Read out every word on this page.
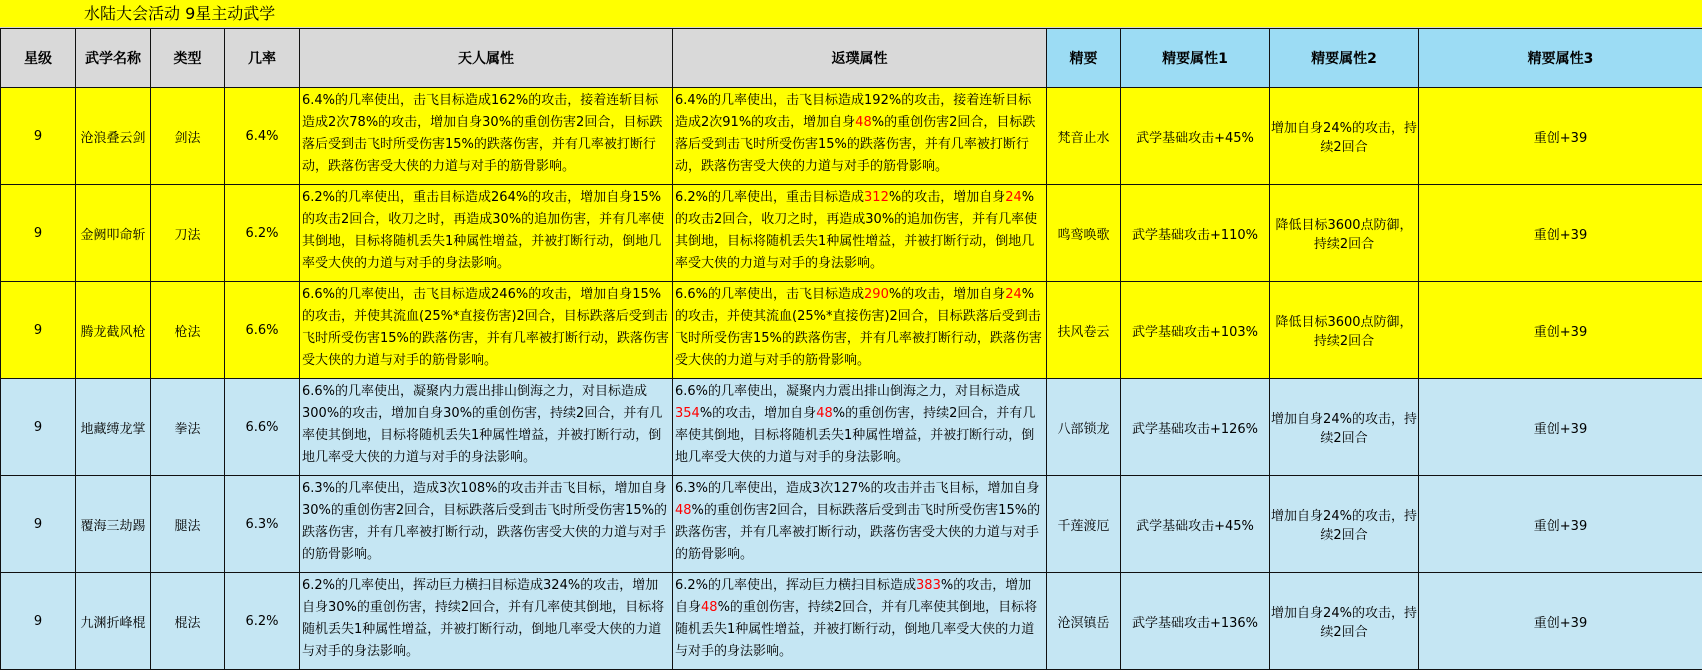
水陆大会活动 9星主动武学
星级	武学名称	类型	几率	天人属性	返璞属性	精要	精要属性1	精要属性2	精要属性3
9	沧浪叠云剑	剑法	6.4%	6.4%的几率使出，击飞目标造成162%的攻击，接着连斩目标造成2次78%的攻击，增加自身30%的重创伤害2回合，目标跌落后受到击飞时所受伤害15%的跌落伤害，并有几率被打断行动，跌落伤害受大侠的力道与对手的筋骨影响。	6.4%的几率使出，击飞目标造成192%的攻击，接着连斩目标造成2次91%的攻击，增加自身48%的重创伤害2回合，目标跌落后受到击飞时所受伤害15%的跌落伤害，并有几率被打断行动，跌落伤害受大侠的力道与对手的筋骨影响。	梵音止水	武学基础攻击+45%	增加自身24%的攻击，持续2回合	重创+39
9	金阙叩命斩	刀法	6.2%	6.2%的几率使出，重击目标造成264%的攻击，增加自身15%的攻击2回合，收刀之时，再造成30%的追加伤害，并有几率使其倒地，目标将随机丢失1种属性增益，并被打断行动，倒地几率受大侠的力道与对手的身法影响。	6.2%的几率使出，重击目标造成312%的攻击，增加自身24%的攻击2回合，收刀之时，再造成30%的追加伤害，并有几率使其倒地，目标将随机丢失1种属性增益，并被打断行动，倒地几率受大侠的力道与对手的身法影响。	鸣鸾唤歌	武学基础攻击+110%	降低目标3600点防御，持续2回合	重创+39
9	腾龙截风枪	枪法	6.6%	6.6%的几率使出，击飞目标造成246%的攻击，增加自身15%的攻击，并使其流血(25%*直接伤害)2回合，目标跌落后受到击飞时所受伤害15%的跌落伤害，并有几率被打断行动，跌落伤害受大侠的力道与对手的筋骨影响。	6.6%的几率使出，击飞目标造成290%的攻击，增加自身24%的攻击，并使其流血(25%*直接伤害)2回合，目标跌落后受到击飞时所受伤害15%的跌落伤害，并有几率被打断行动，跌落伤害受大侠的力道与对手的筋骨影响。	扶风卷云	武学基础攻击+103%	降低目标3600点防御，持续2回合	重创+39
9	地藏缚龙掌	拳法	6.6%	6.6%的几率使出，凝聚内力震出排山倒海之力，对目标造成300%的攻击，增加自身30%的重创伤害，持续2回合，并有几率使其倒地，目标将随机丢失1种属性增益，并被打断行动，倒地几率受大侠的力道与对手的身法影响。	6.6%的几率使出，凝聚内力震出排山倒海之力，对目标造成354%的攻击，增加自身48%的重创伤害，持续2回合，并有几率使其倒地，目标将随机丢失1种属性增益，并被打断行动，倒地几率受大侠的力道与对手的身法影响。	八部锁龙	武学基础攻击+126%	增加自身24%的攻击，持续2回合	重创+39
9	覆海三劫踢	腿法	6.3%	6.3%的几率使出，造成3次108%的攻击并击飞目标，增加自身30%的重创伤害2回合，目标跌落后受到击飞时所受伤害15%的跌落伤害，并有几率被打断行动，跌落伤害受大侠的力道与对手的筋骨影响。	6.3%的几率使出，造成3次127%的攻击并击飞目标，增加自身48%的重创伤害2回合，目标跌落后受到击飞时所受伤害15%的跌落伤害，并有几率被打断行动，跌落伤害受大侠的力道与对手的筋骨影响。	千莲渡厄	武学基础攻击+45%	增加自身24%的攻击，持续2回合	重创+39
9	九渊折峰棍	棍法	6.2%	6.2%的几率使出，挥动巨力横扫目标造成324%的攻击，增加自身30%的重创伤害，持续2回合，并有几率使其倒地，目标将随机丢失1种属性增益，并被打断行动，倒地几率受大侠的力道与对手的身法影响。	6.2%的几率使出，挥动巨力横扫目标造成383%的攻击，增加自身48%的重创伤害，持续2回合，并有几率使其倒地，目标将随机丢失1种属性增益，并被打断行动，倒地几率受大侠的力道与对手的身法影响。	沧溟镇岳	武学基础攻击+136%	增加自身24%的攻击，持续2回合	重创+39
